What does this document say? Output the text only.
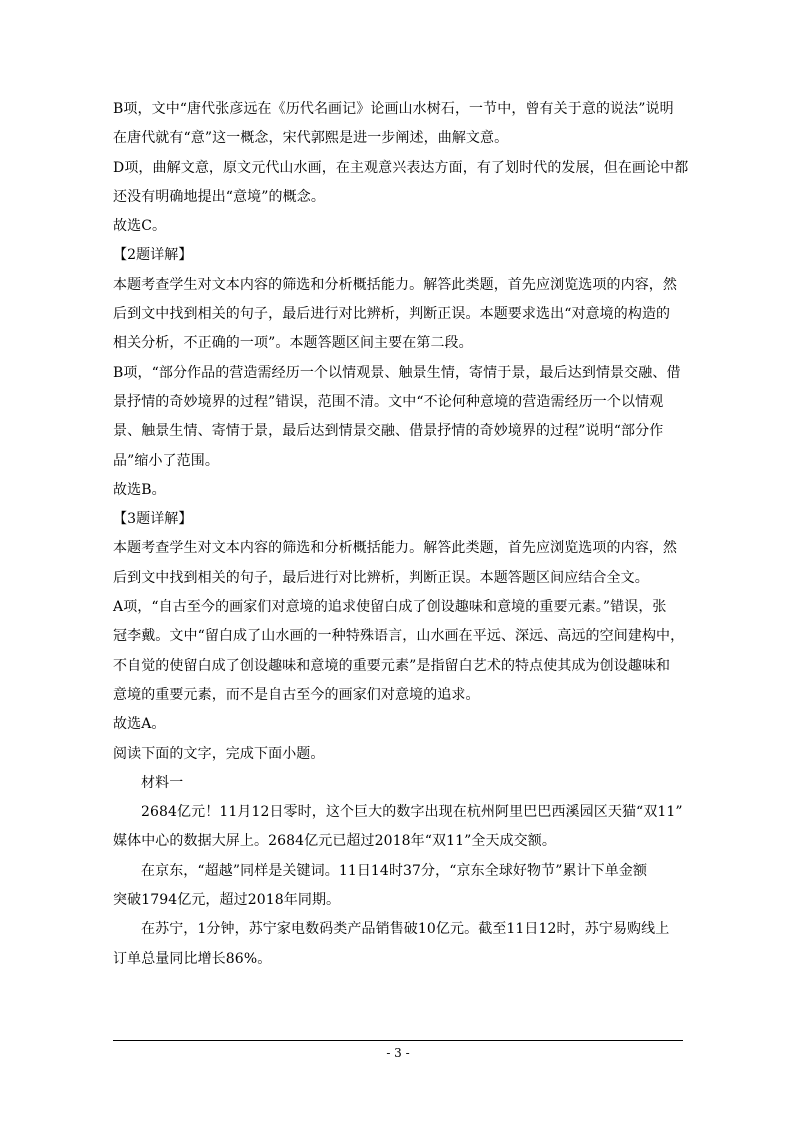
B项，文中“唐代张彦远在《历代名画记》论画山水树石，一节中，曾有关于意的说法”说明
在唐代就有“意”这一概念，宋代郭熙是进一步阐述，曲解文意。
D项，曲解文意，原文元代山水画，在主观意兴表达方面，有了划时代的发展，但在画论中都
还没有明确地提出“意境”的概念。
故选C。
【2题详解】
本题考查学生对文本内容的筛选和分析概括能力。解答此类题，首先应浏览选项的内容，然
后到文中找到相关的句子，最后进行对比辨析，判断正误。本题要求选出“对意境的构造的
相关分析，不正确的一项”。本题答题区间主要在第二段。
B项，“部分作品的营造需经历一个以情观景、触景生情，寄情于景，最后达到情景交融、借
景抒情的奇妙境界的过程”错误，范围不清。文中“不论何种意境的营造需经历一个以情观
景、触景生情、寄情于景，最后达到情景交融、借景抒情的奇妙境界的过程”说明“部分作
品”缩小了范围。
故选B。
【3题详解】
本题考查学生对文本内容的筛选和分析概括能力。解答此类题，首先应浏览选项的内容，然
后到文中找到相关的句子，最后进行对比辨析，判断正误。本题答题区间应结合全文。
A项，“自古至今的画家们对意境的追求使留白成了创设趣味和意境的重要元素。”错误，张
冠李戴。文中“留白成了山水画的一种特殊语言，山水画在平远、深远、高远的空间建构中，
不自觉的使留白成了创设趣味和意境的重要元素”是指留白艺术的特点使其成为创设趣味和
意境的重要元素，而不是自古至今的画家们对意境的追求。
故选A。
阅读下面的文字，完成下面小题。
材料一
2684亿元！11月12日零时，这个巨大的数字出现在杭州阿里巴巴西溪园区天猫“双11”
媒体中心的数据大屏上。2684亿元已超过2018年“双11”全天成交额。
在京东，“超越”同样是关键词。11日14时37分，“京东全球好物节”累计下单金额
突破1794亿元，超过2018年同期。
在苏宁，1分钟，苏宁家电数码类产品销售破10亿元。截至11日12时，苏宁易购线上
订单总量同比增长86%。
- 3 -
